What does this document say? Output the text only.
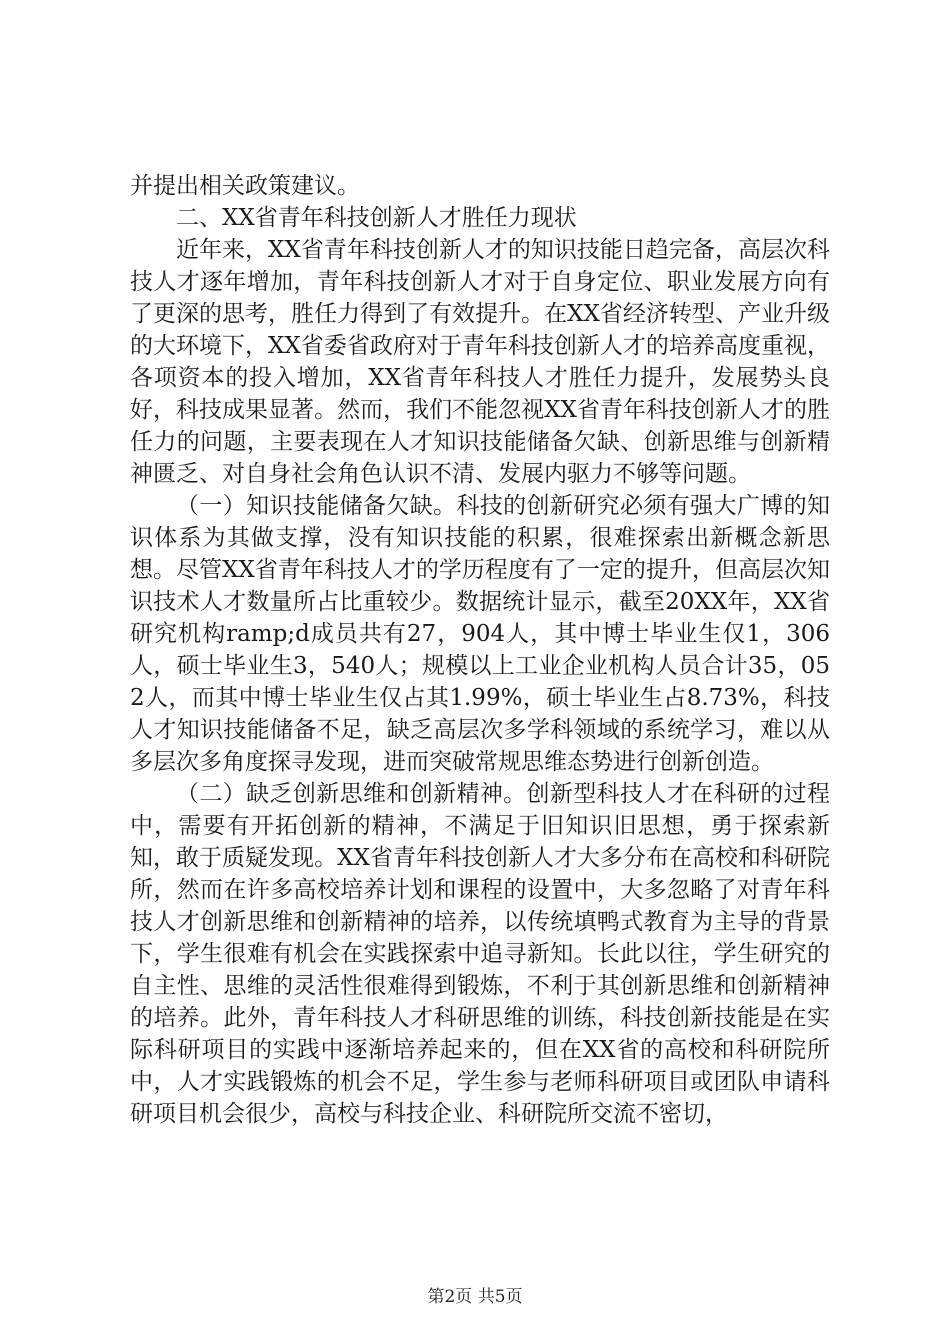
并提出相关政策建议。

二、XX省青年科技创新人才胜任力现状

近年来，XX省青年科技创新人才的知识技能日趋完备，高层次科技人才逐年增加，青年科技创新人才对于自身定位、职业发展方向有了更深的思考，胜任力得到了有效提升。在XX省经济转型、产业升级的大环境下，XX省委省政府对于青年科技创新人才的培养高度重视，各项资本的投入增加，XX省青年科技人才胜任力提升，发展势头良好，科技成果显著。然而，我们不能忽视XX省青年科技创新人才的胜任力的问题，主要表现在人才知识技能储备欠缺、创新思维与创新精神匮乏、对自身社会角色认识不清、发展内驱力不够等问题。

（一）知识技能储备欠缺。科技的创新研究必须有强大广博的知识体系为其做支撑，没有知识技能的积累，很难探索出新概念新思想。尽管XX省青年科技人才的学历程度有了一定的提升，但高层次知识技术人才数量所占比重较少。数据统计显示，截至20XX年，XX省研究机构ramp;d成员共有27，904人，其中博士毕业生仅1，306人，硕士毕业生3，540人；规模以上工业企业机构人员合计35，052人，而其中博士毕业生仅占其1.99%，硕士毕业生占8.73%，科技人才知识技能储备不足，缺乏高层次多学科领域的系统学习，难以从多层次多角度探寻发现，进而突破常规思维态势进行创新创造。

（二）缺乏创新思维和创新精神。创新型科技人才在科研的过程中，需要有开拓创新的精神，不满足于旧知识旧思想，勇于探索新知，敢于质疑发现。XX省青年科技创新人才大多分布在高校和科研院所，然而在许多高校培养计划和课程的设置中，大多忽略了对青年科技人才创新思维和创新精神的培养，以传统填鸭式教育为主导的背景下，学生很难有机会在实践探索中追寻新知。长此以往，学生研究的自主性、思维的灵活性很难得到锻炼，不利于其创新思维和创新精神的培养。此外，青年科技人才科研思维的训练，科技创新技能是在实际科研项目的实践中逐渐培养起来的，但在XX省的高校和科研院所中，人才实践锻炼的机会不足，学生参与老师科研项目或团队申请科研项目机会很少，高校与科技企业、科研院所交流不密切，

第2页 共5页
